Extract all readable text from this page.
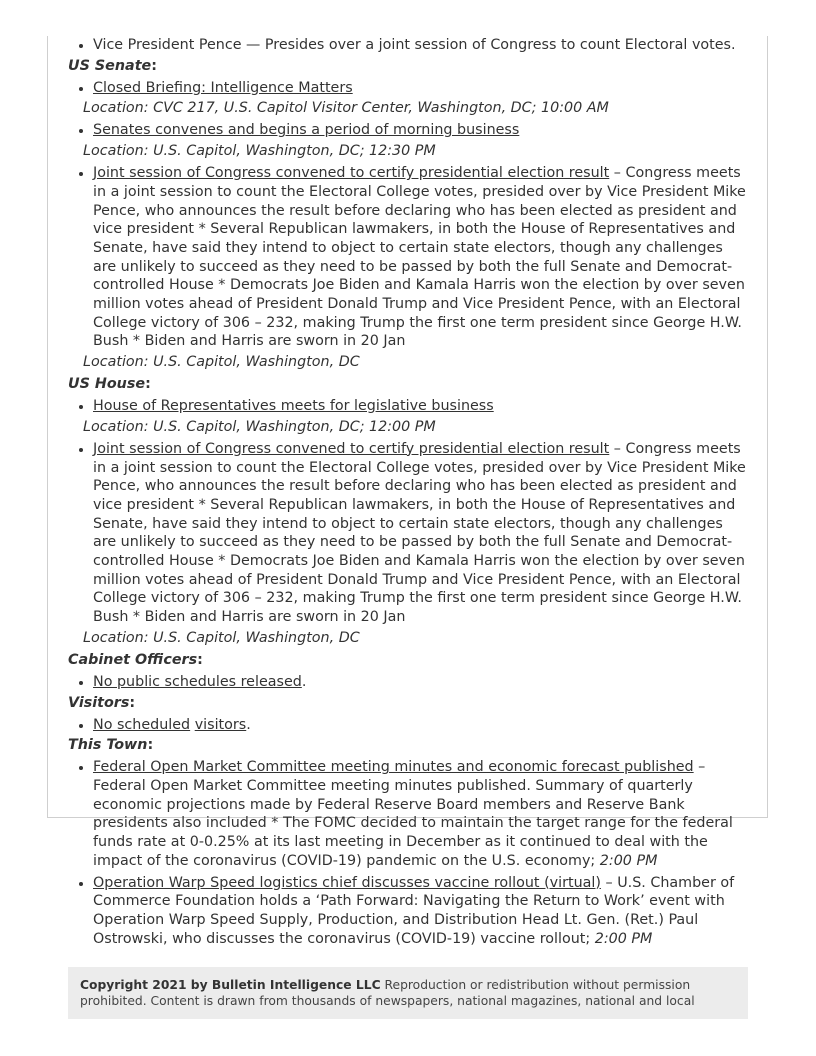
• Vice President Pence — Presides over a joint session of Congress to count Electoral votes.
US Senate:
• Closed Briefing: Intelligence Matters
Location: CVC 217, U.S. Capitol Visitor Center, Washington, DC; 10:00 AM
• Senates convenes and begins a period of morning business
Location: U.S. Capitol, Washington, DC; 12:30 PM
• Joint session of Congress convened to certify presidential election result – Congress meets in a joint session to count the Electoral College votes, presided over by Vice President Mike Pence, who announces the result before declaring who has been elected as president and vice president * Several Republican lawmakers, in both the House of Representatives and Senate, have said they intend to object to certain state electors, though any challenges are unlikely to succeed as they need to be passed by both the full Senate and Democrat-controlled House * Democrats Joe Biden and Kamala Harris won the election by over seven million votes ahead of President Donald Trump and Vice President Pence, with an Electoral College victory of 306 – 232, making Trump the first one term president since George H.W. Bush * Biden and Harris are sworn in 20 Jan
Location: U.S. Capitol, Washington, DC
US House:
• House of Representatives meets for legislative business
Location: U.S. Capitol, Washington, DC; 12:00 PM
• Joint session of Congress convened to certify presidential election result – Congress meets in a joint session to count the Electoral College votes, presided over by Vice President Mike Pence, who announces the result before declaring who has been elected as president and vice president * Several Republican lawmakers, in both the House of Representatives and Senate, have said they intend to object to certain state electors, though any challenges are unlikely to succeed as they need to be passed by both the full Senate and Democrat-controlled House * Democrats Joe Biden and Kamala Harris won the election by over seven million votes ahead of President Donald Trump and Vice President Pence, with an Electoral College victory of 306 – 232, making Trump the first one term president since George H.W. Bush * Biden and Harris are sworn in 20 Jan
Location: U.S. Capitol, Washington, DC
Cabinet Officers:
• No public schedules released.
Visitors:
• No scheduled visitors.
This Town:
• Federal Open Market Committee meeting minutes and economic forecast published – Federal Open Market Committee meeting minutes published. Summary of quarterly economic projections made by Federal Reserve Board members and Reserve Bank presidents also included * The FOMC decided to maintain the target range for the federal funds rate at 0-0.25% at its last meeting in December as it continued to deal with the impact of the coronavirus (COVID-19) pandemic on the U.S. economy; 2:00 PM
• Operation Warp Speed logistics chief discusses vaccine rollout (virtual) – U.S. Chamber of Commerce Foundation holds a ‘Path Forward: Navigating the Return to Work’ event with Operation Warp Speed Supply, Production, and Distribution Head Lt. Gen. (Ret.) Paul Ostrowski, who discusses the coronavirus (COVID-19) vaccine rollout; 2:00 PM
Copyright 2021 by Bulletin Intelligence LLC Reproduction or redistribution without permission prohibited. Content is drawn from thousands of newspapers, national magazines, national and local
